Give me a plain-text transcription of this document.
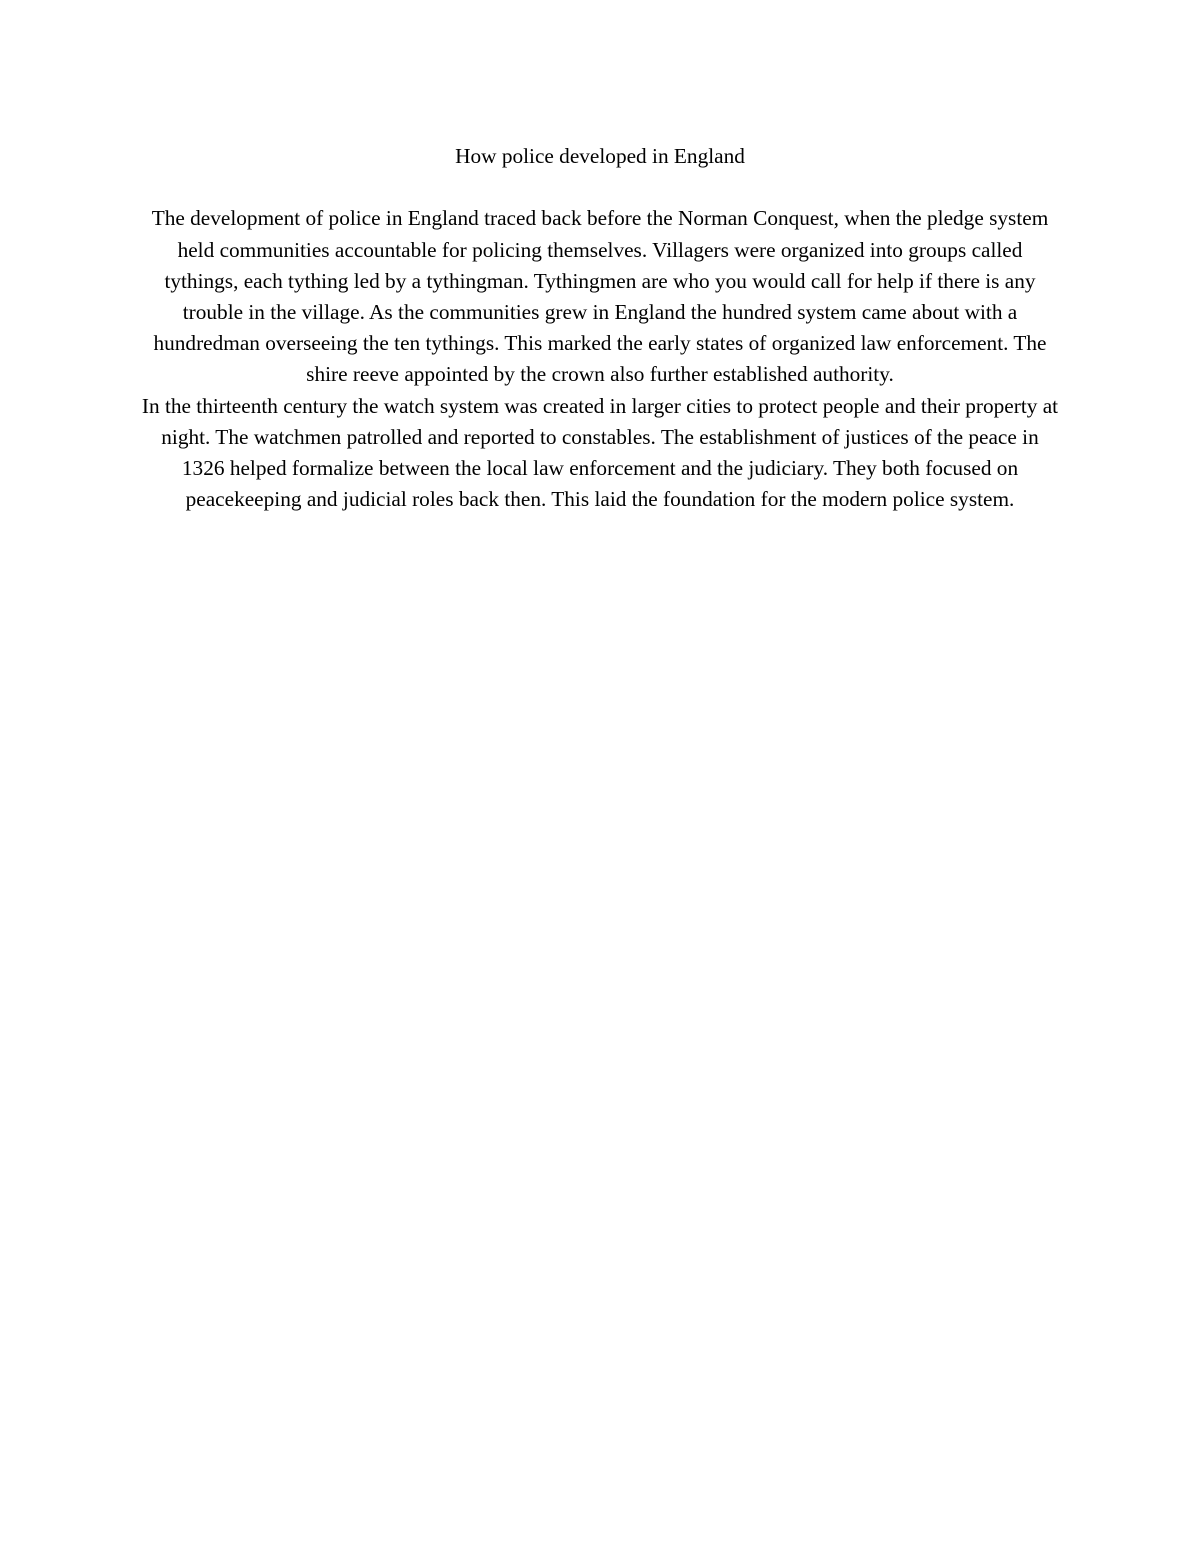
How police developed in England

The development of police in England traced back before the Norman Conquest, when the pledge system held communities accountable for policing themselves. Villagers were organized into groups called tythings, each tything led by a tythingman. Tythingmen are who you would call for help if there is any trouble in the village. As the communities grew in England the hundred system came about with a hundredman overseeing the ten tythings. This marked the early states of organized law enforcement. The shire reeve appointed by the crown also further established authority.

In the thirteenth century the watch system was created in larger cities to protect people and their property at night. The watchmen patrolled and reported to constables. The establishment of justices of the peace in 1326 helped formalize between the local law enforcement and the judiciary. They both focused on peacekeeping and judicial roles back then. This laid the foundation for the modern police system.
